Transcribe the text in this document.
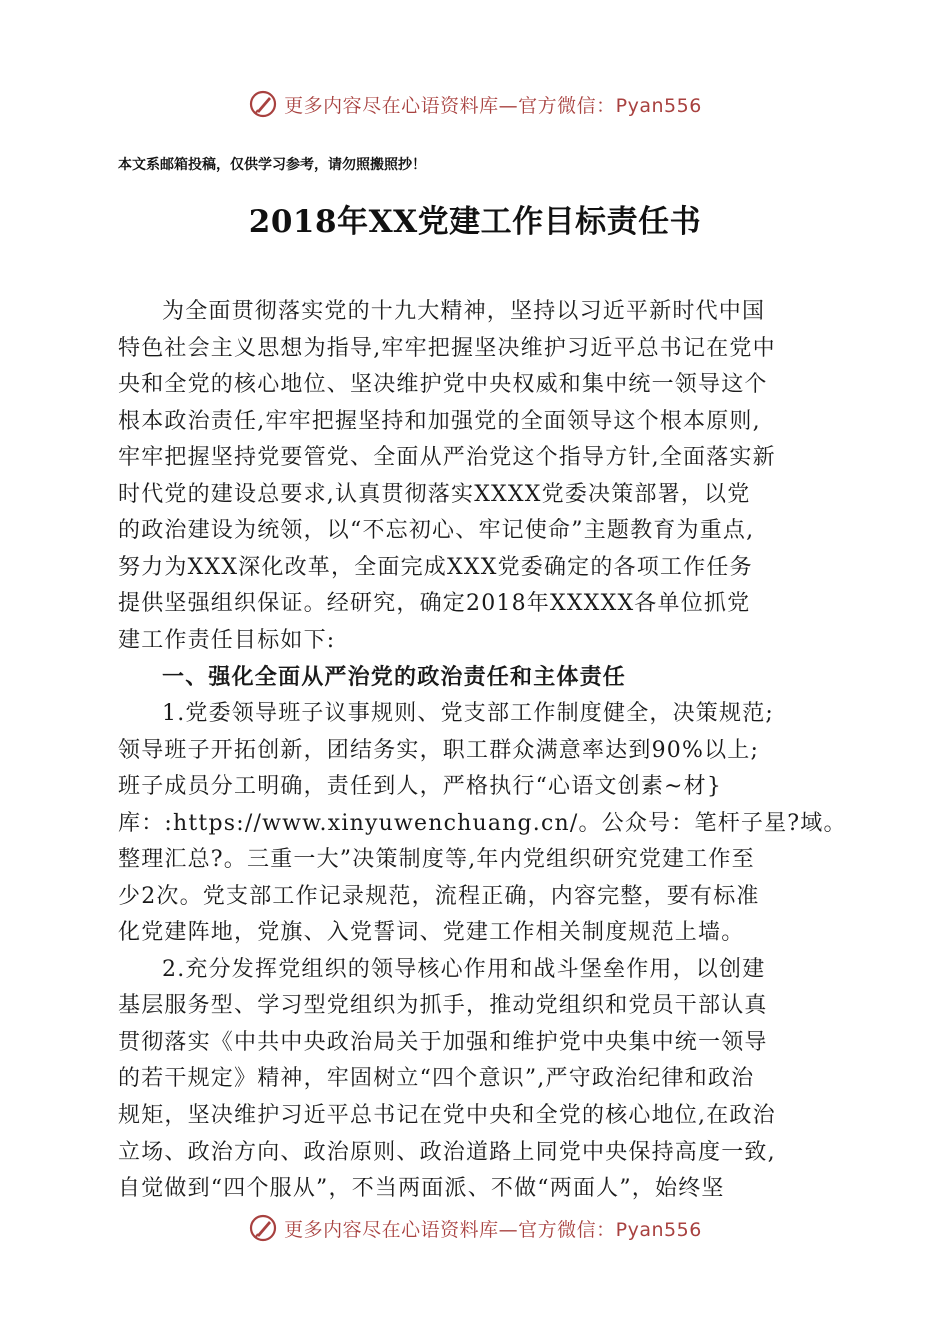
更多内容尽在心语资料库—官方微信：Pyan556
本文系邮箱投稿，仅供学习参考，请勿照搬照抄！
2018年XX党建工作目标责任书
为全面贯彻落实党的十九大精神，坚持以习近平新时代中国
特色社会主义思想为指导,牢牢把握坚决维护习近平总书记在党中
央和全党的核心地位、坚决维护党中央权威和集中统一领导这个
根本政治责任,牢牢把握坚持和加强党的全面领导这个根本原则,
牢牢把握坚持党要管党、全面从严治党这个指导方针,全面落实新
时代党的建设总要求,认真贯彻落实XXXX党委决策部署，以党
的政治建设为统领，以“不忘初心、牢记使命”主题教育为重点,
努力为XXX深化改革，全面完成XXX党委确定的各项工作任务
提供坚强组织保证。经研究，确定2018年XXXXX各单位抓党
建工作责任目标如下:
一、强化全面从严治党的政治责任和主体责任
1.党委领导班子议事规则、党支部工作制度健全，决策规范;
领导班子开拓创新，团结务实，职工群众满意率达到90%以上;
班子成员分工明确，责任到人，严格执行“心语文创素~材}
库：:https://www.xinyuwenchuang.cn/。公众号：笔杆子星?域。
整理汇总?。三重一大”决策制度等,年内党组织研究党建工作至
少2次。党支部工作记录规范，流程正确，内容完整，要有标准
化党建阵地，党旗、入党誓词、党建工作相关制度规范上墙。
2.充分发挥党组织的领导核心作用和战斗堡垒作用，以创建
基层服务型、学习型党组织为抓手，推动党组织和党员干部认真
贯彻落实《中共中央政治局关于加强和维护党中央集中统一领导
的若干规定》精神，牢固树立“四个意识”,严守政治纪律和政治
规矩，坚决维护习近平总书记在党中央和全党的核心地位,在政治
立场、政治方向、政治原则、政治道路上同党中央保持高度一致,
自觉做到“四个服从”，不当两面派、不做“两面人”，始终坚
更多内容尽在心语资料库—官方微信：Pyan556
